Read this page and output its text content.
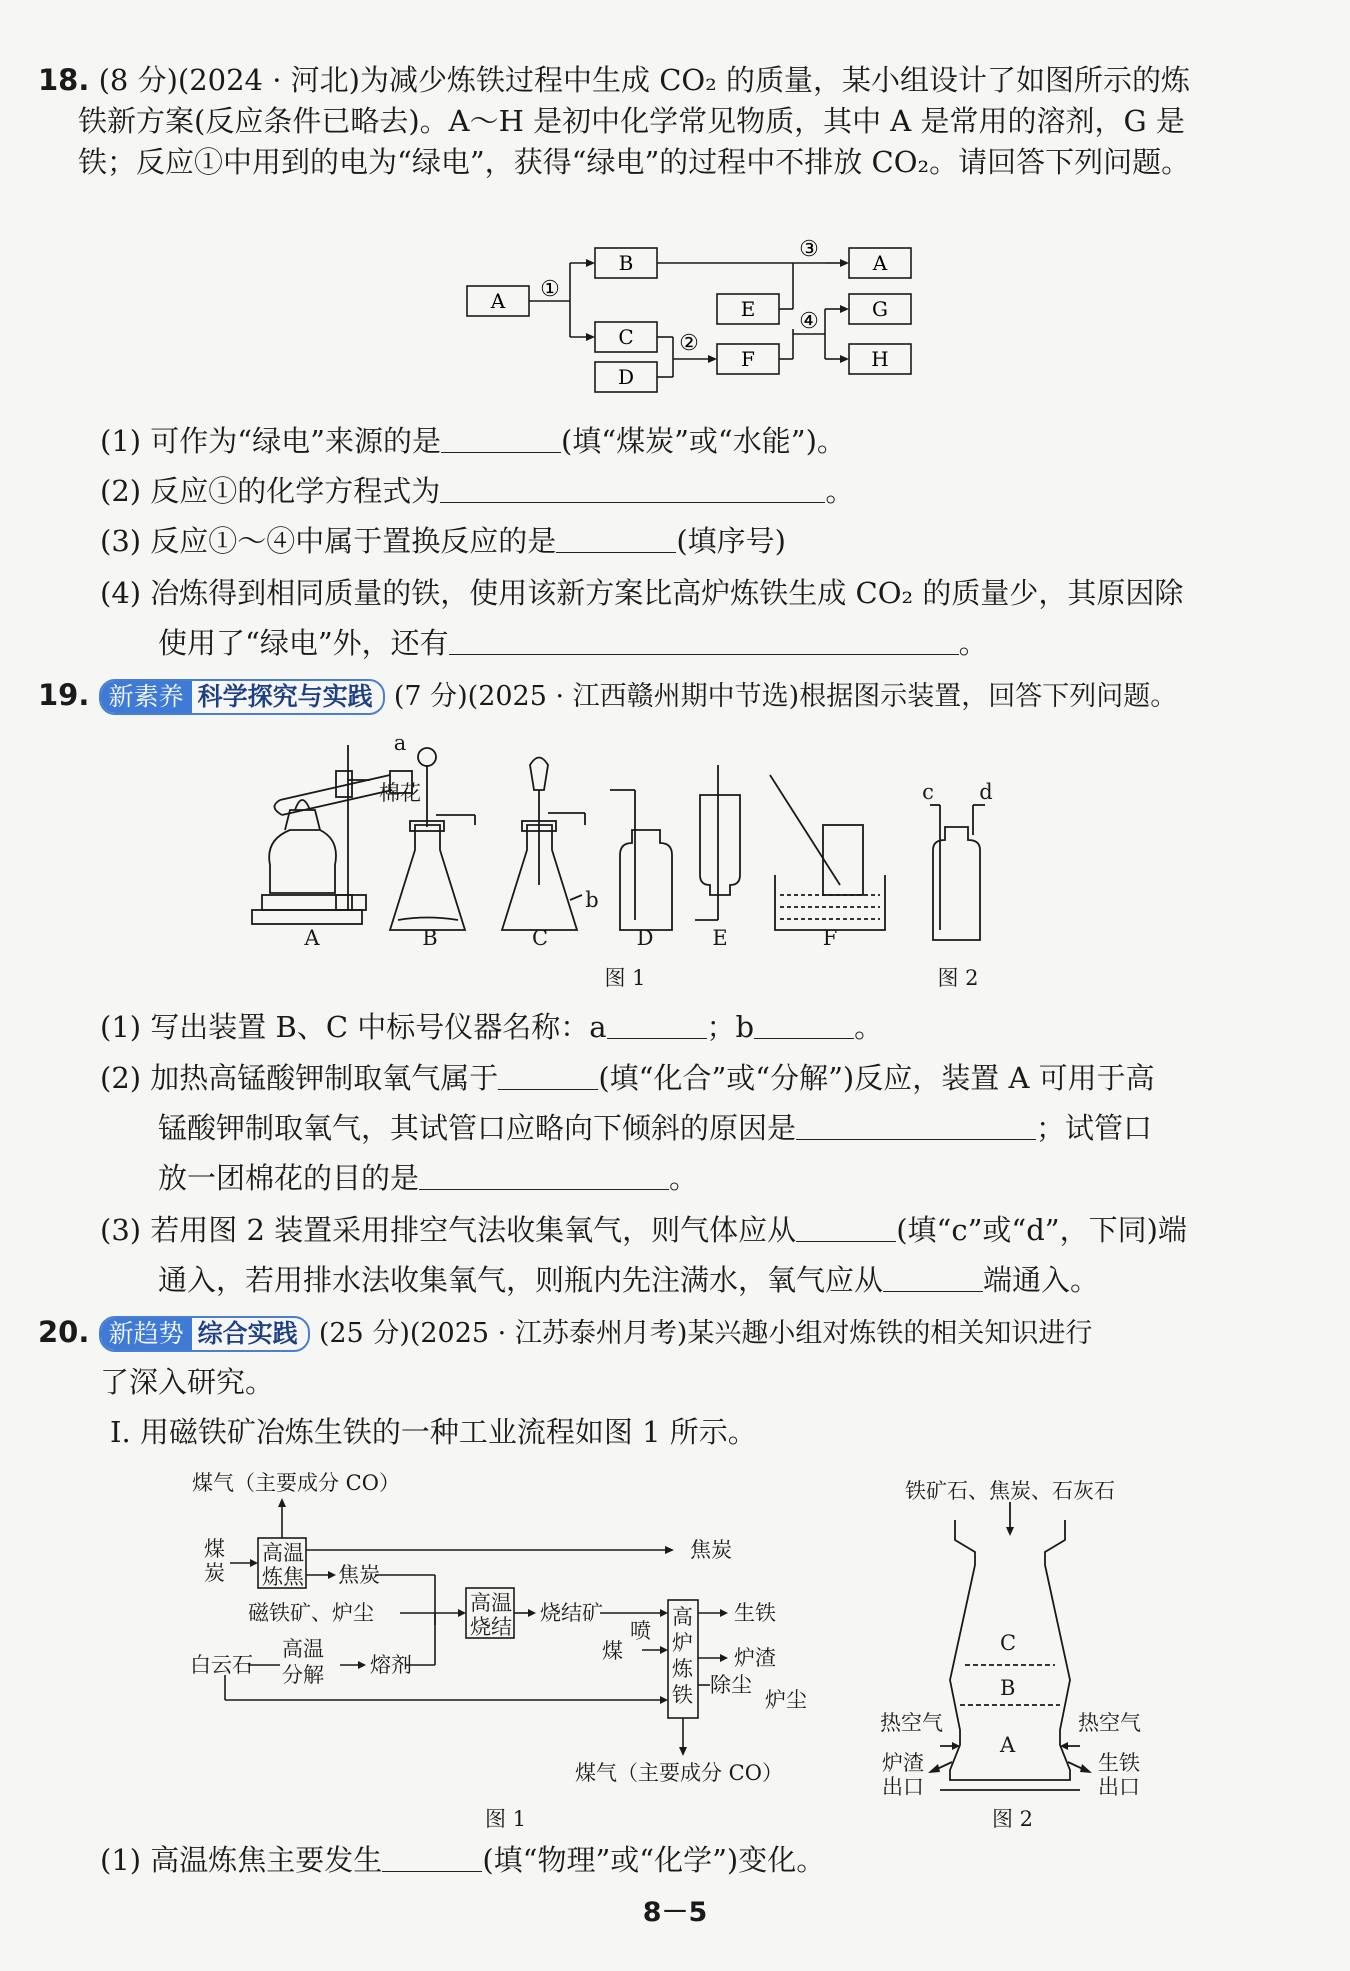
18. (8 分)(2024 · 河北)为减少炼铁过程中生成 CO₂ 的质量，某小组设计了如图所示的炼
铁新方案(反应条件已略去)。A～H 是初中化学常见物质，其中 A 是常用的溶剂，G 是
铁；反应①中用到的电为“绿电”，获得“绿电”的过程中不排放 CO₂。请回答下列问题。
A
B
C
D
E
F
A
G
H
①
②
③
④
(1) 可作为“绿电”来源的是	(填“煤炭”或“水能”)。
(2) 反应①的化学方程式为	。
(3) 反应①～④中属于置换反应的是	(填序号)
(4) 冶炼得到相同质量的铁，使用该新方案比高炉炼铁生成 CO₂ 的质量少，其原因除
使用了“绿电”外，还有	。
19. 新素养 科学探究与实践 (7 分)(2025 · 江西赣州期中节选)根据图示装置，回答下列问题。
棉花
a
b
c d
A	B	C	D	E	F
图 1	图 2
(1) 写出装置 B、C 中标号仪器名称：a	；b	。
(2) 加热高锰酸钾制取氧气属于	(填“化合”或“分解”)反应，装置 A 可用于高
锰酸钾制取氧气，其试管口应略向下倾斜的原因是	；试管口
放一团棉花的目的是	。
(3) 若用图 2 装置采用排空气法收集氧气，则气体应从	(填“c”或“d”，下同)端
通入，若用排水法收集氧气，则瓶内先注满水，氧气应从	端通入。
20. 新趋势 综合实践 (25 分)(2025 · 江苏泰州月考)某兴趣小组对炼铁的相关知识进行
了深入研究。
Ⅰ. 用磁铁矿冶炼生铁的一种工业流程如图 1 所示。
煤气（主要成分 CO）
煤
炭
高温
炼焦 焦炭
焦炭
磁铁矿、炉尘	高温
烧结
烧结矿
白云石
高温
分解 熔剂
煤
喷
高
炉
炼
铁
生铁
炉渣
除尘
炉尘
煤气（主要成分 CO）
图 1
铁矿石、焦炭、石灰石
C
B
A
热空气	热空气
炉渣
出口
生铁
出口
图 2
(1) 高温炼焦主要发生	(填“物理”或“化学”)变化。
8－5
